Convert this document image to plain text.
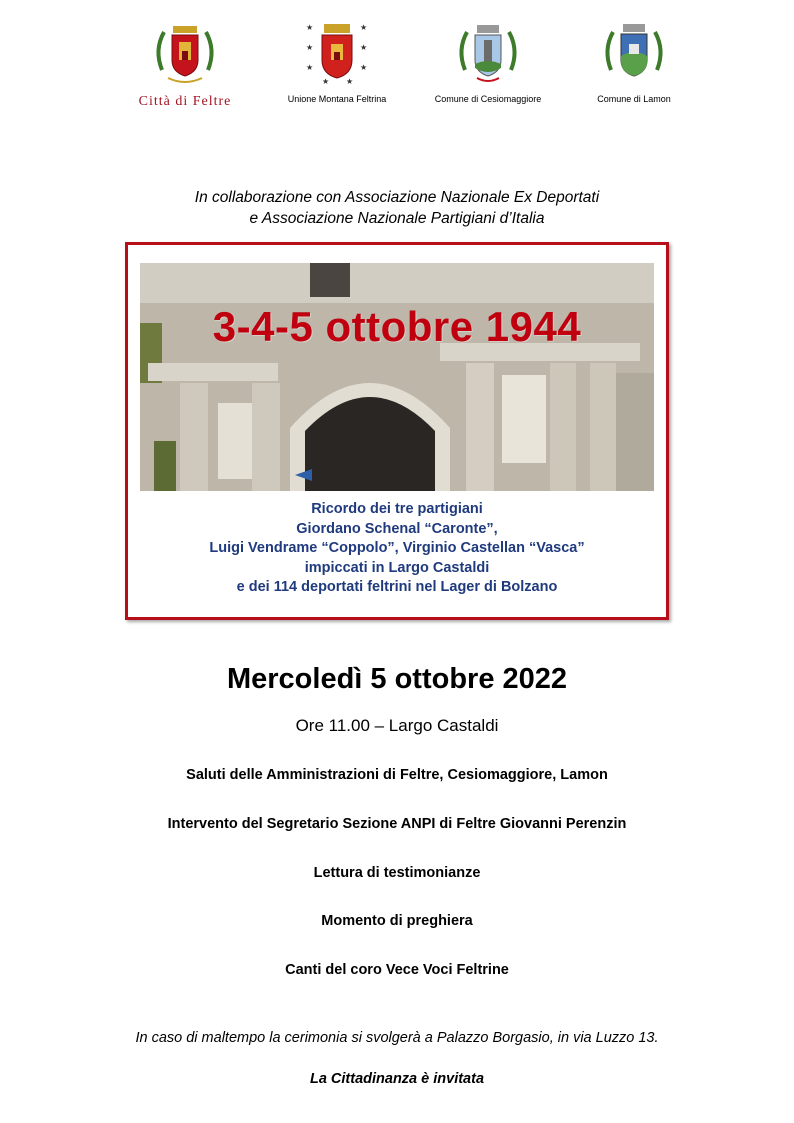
Città di Feltre
★	★
★	★
★	★
★ ★
Unione Montana Feltrina	Comune di Cesiomaggiore	Comune di Lamon
In collaborazione con Associazione Nazionale Ex Deportati
e Associazione Nazionale Partigiani d’Italia
3-4-5 ottobre 1944
Ricordo dei tre partigiani
Giordano Schenal “Caronte”,
Luigi Vendrame “Coppolo”, Virginio Castellan “Vasca”
impiccati in Largo Castaldi
e dei 114 deportati feltrini nel Lager di Bolzano
Mercoledì 5 ottobre 2022
Ore 11.00 – Largo Castaldi
Saluti delle Amministrazioni di Feltre, Cesiomaggiore, Lamon
Intervento del Segretario Sezione ANPI di Feltre Giovanni Perenzin
Lettura di testimonianze
Momento di preghiera
Canti del coro Vece Voci Feltrine
In caso di maltempo la cerimonia si svolgerà a Palazzo Borgasio, in via Luzzo 13.
La Cittadinanza è invitata
